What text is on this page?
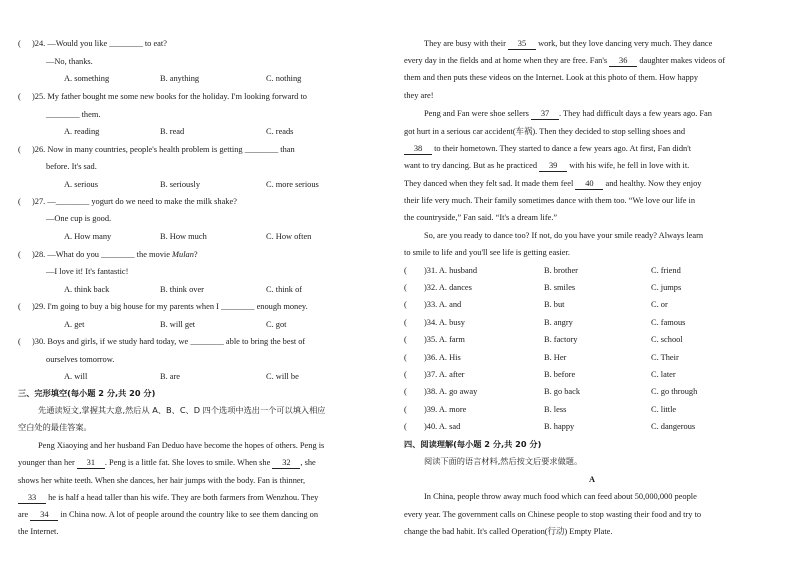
( )24. —Would you like ________ to eat?
—No, thanks.
A. something	B. anything	C. nothing
( )25. My father bought me some new books for the holiday. I'm looking forward to
________ them.
A. reading	B. read	C. reads
( )26. Now in many countries, people's health problem is getting ________ than
before. It's sad.
A. serious	B. seriously	C. more serious
( )27. —________ yogurt do we need to make the milk shake?
—One cup is good.
A. How many	B. How much	C. How often
( )28. —What do you ________ the movie Mulan?
—I love it! It's fantastic!
A. think back	B. think over	C. think of
( )29. I'm going to buy a big house for my parents when I ________ enough money.
A. get	B. will get	C. got
( )30. Boys and girls, if we study hard today, we ________ able to bring the best of
ourselves tomorrow.
A. will	B. are	C. will be
三、完形填空(每小题 2 分,共 20 分)
先通读短文,掌握其大意,然后从 A、B、C、D 四个选项中选出一个可以填入相应
空白处的最佳答案。
Peng Xiaoying and her husband Fan Deduo have become the hopes of others. Peng is
younger than her 31 . Peng is a little fat. She loves to smile. When she 32 , she
shows her white teeth. When she dances, her hair jumps with the body. Fan is thinner,
33 he is half a head taller than his wife. They are both farmers from Wenzhou. They
are 34 in China now. A lot of people around the country like to see them dancing on
the Internet.
They are busy with their 35 work, but they love dancing very much. They dance
every day in the fields and at home when they are free. Fan's 36 daughter makes videos of
them and then puts these videos on the Internet. Look at this photo of them. How happy
they are!
Peng and Fan were shoe sellers 37 . They had difficult days a few years ago. Fan
got hurt in a serious car accident(车祸). Then they decided to stop selling shoes and
38 to their hometown. They started to dance a few years ago. At first, Fan didn't
want to try dancing. But as he practiced 39 with his wife, he fell in love with it.
They danced when they felt sad. It made them feel 40 and healthy. Now they enjoy
their life very much. Their family sometimes dance with them too. “We love our life in
the countryside,” Fan said. “It's a dream life.”
So, are you ready to dance too? If not, do you have your smile ready? Always learn
to smile to life and you'll see life is getting easier.
( )31. A. husband	B. brother	C. friend
( )32. A. dances	B. smiles	C. jumps
( )33. A. and	B. but	C. or
( )34. A. busy	B. angry	C. famous
( )35. A. farm	B. factory	C. school
( )36. A. His	B. Her	C. Their
( )37. A. after	B. before	C. later
( )38. A. go away	B. go back	C. go through
( )39. A. more	B. less	C. little
( )40. A. sad	B. happy	C. dangerous
四、阅读理解(每小题 2 分,共 20 分)
阅读下面的语言材料,然后按文后要求做题。
A
In China, people throw away much food which can feed about 50,000,000 people
every year. The government calls on Chinese people to stop wasting their food and try to
change the bad habit. It's called Operation(行动) Empty Plate.
